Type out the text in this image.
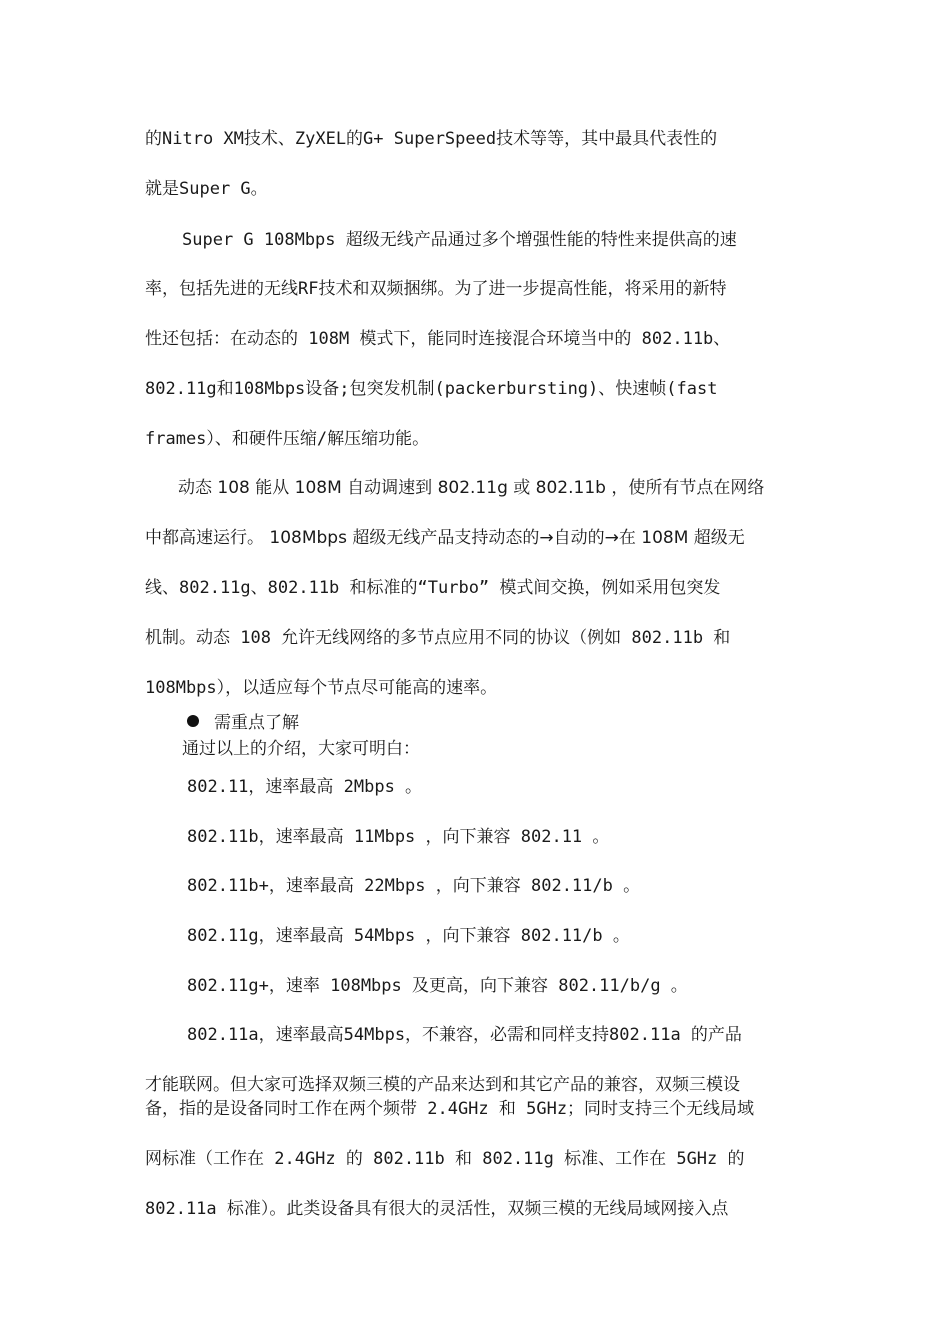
的Nitro XM技术、ZyXEL的G+ SuperSpeed技术等等，其中最具代表性的
就是Super G。
Super G 108Mbps 超级无线产品通过多个增强性能的特性来提供高的速
率，包括先进的无线RF技术和双频捆绑。为了进一步提高性能，将采用的新特
性还包括：在动态的 108M 模式下，能同时连接混合环境当中的 802.11b、
802.11g和108Mbps设备;包突发机制(packerbursting)、快速帧(fast
frames）、和硬件压缩/解压缩功能。
动态 108 能从 108M 自动调速到 802.11g 或 802.11b ，使所有节点在网络
中都高速运行。 108Mbps 超级无线产品支持动态的→自动的→在 108M 超级无
线、802.11g、802.11b 和标准的“Turbo” 模式间交换，例如采用包突发
机制。动态 108 允许无线网络的多节点应用不同的协议（例如 802.11b 和
108Mbps），以适应每个节点尽可能高的速率。
需重点了解
通过以上的介绍，大家可明白：
802.11，速率最高 2Mbps 。
802.11b，速率最高 11Mbps ，向下兼容 802.11 。
802.11b+，速率最高 22Mbps ，向下兼容 802.11/b 。
802.11g，速率最高 54Mbps ，向下兼容 802.11/b 。
802.11g+，速率 108Mbps 及更高，向下兼容 802.11/b/g 。
802.11a，速率最高54Mbps，不兼容，必需和同样支持802.11a 的产品
才能联网。但大家可选择双频三模的产品来达到和其它产品的兼容，双频三模设
备，指的是设备同时工作在两个频带 2.4GHz 和 5GHz；同时支持三个无线局域
网标准（工作在 2.4GHz 的 802.11b 和 802.11g 标准、工作在 5GHz 的
802.11a 标准）。此类设备具有很大的灵活性，双频三模的无线局域网接入点
